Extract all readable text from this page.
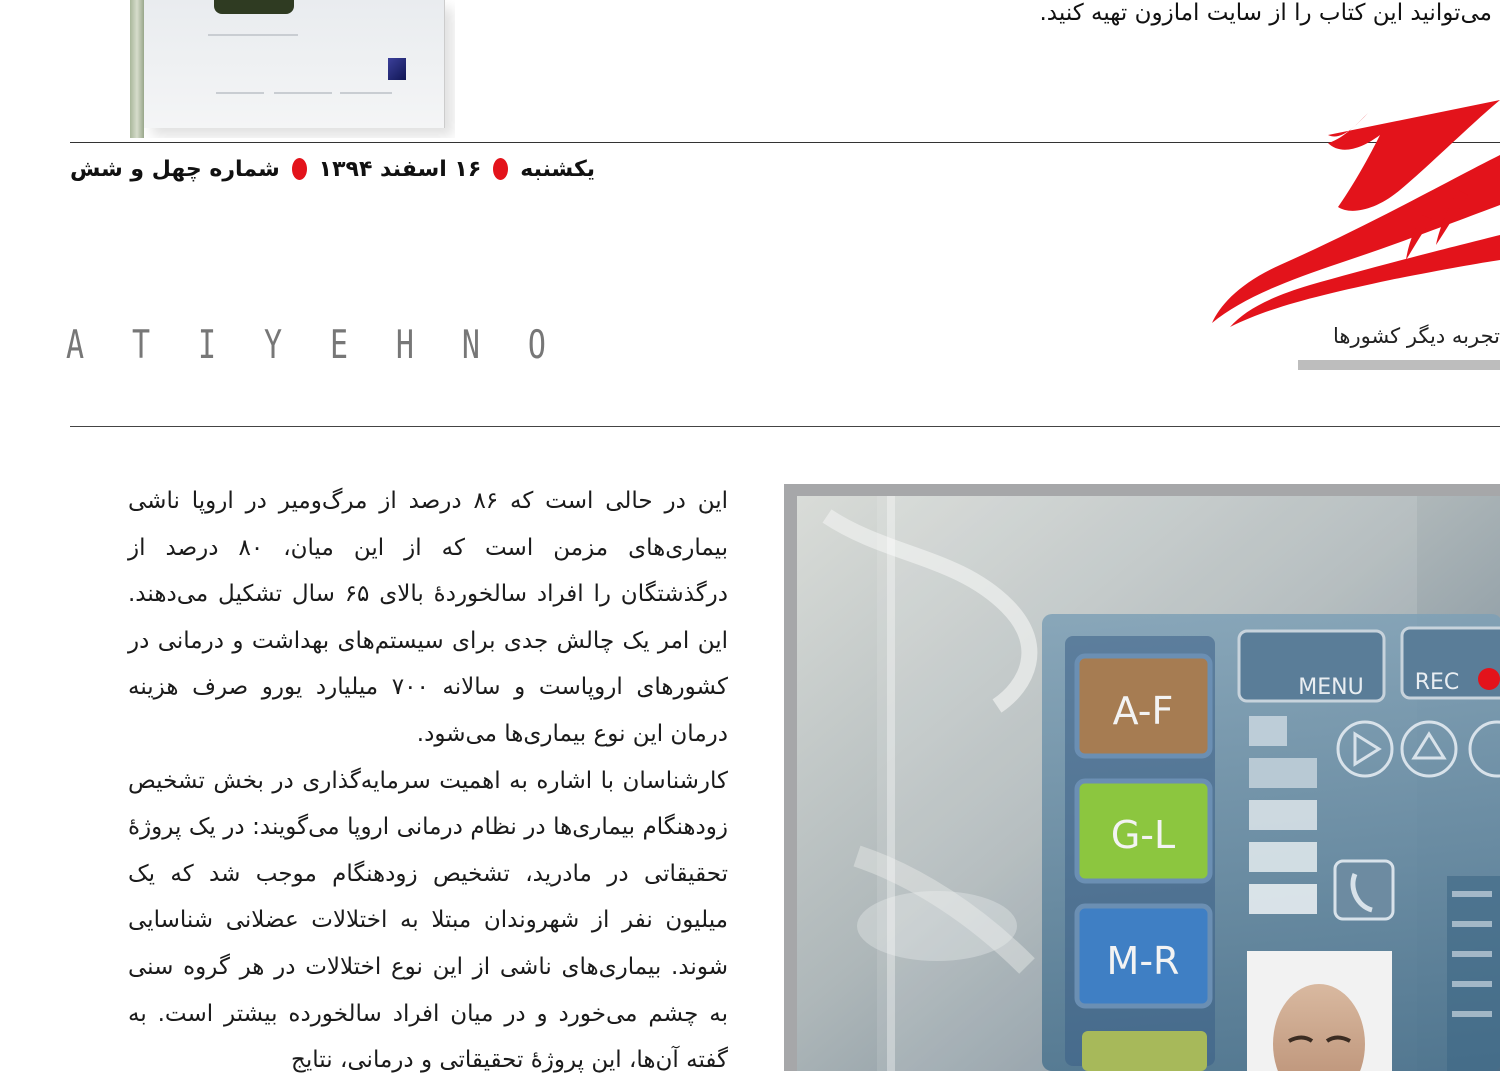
می‌توانید این کتاب را از سایت امازون تهیه کنید.
یکشنبه
۱۶ اسفند ۱۳۹۴
شماره چهل و شش
A T I Y E H N O	تجربه دیگر کشورها

این در حالی است که ۸۶ درصد از مرگ‌ومیر در اروپا ناشی بیماری‌های مزمن است که از این میان، ۸۰ درصد از درگذشتگان را افراد سالخوردهٔ بالای ۶۵ سال تشکیل می‌دهند. این امر یک چالش جدی برای سیستم‌های بهداشت و درمانی در کشورهای اروپاست و سالانه ۷۰۰ میلیارد یورو صرف هزینه درمان این نوع بیماری‌ها می‌شود.

کارشناسان با اشاره به اهمیت سرمایه‌گذاری در بخش تشخیص زودهنگام بیماری‌ها در نظام درمانی اروپا می‌گویند: در یک پروژهٔ تحقیقاتی در مادرید، تشخیص زودهنگام موجب شد که یک میلیون نفر از شهروندان مبتلا به اختلالات عضلانی شناسایی شوند. بیماری‌های ناشی از این نوع اختلالات در هر گروه سنی به چشم می‌خورد و در میان افراد سالخورده بیشتر است. به گفته آن‌ها، این پروژهٔ تحقیقاتی و درمانی، نتایج

A-F
G-L
M-R
MENU REC
